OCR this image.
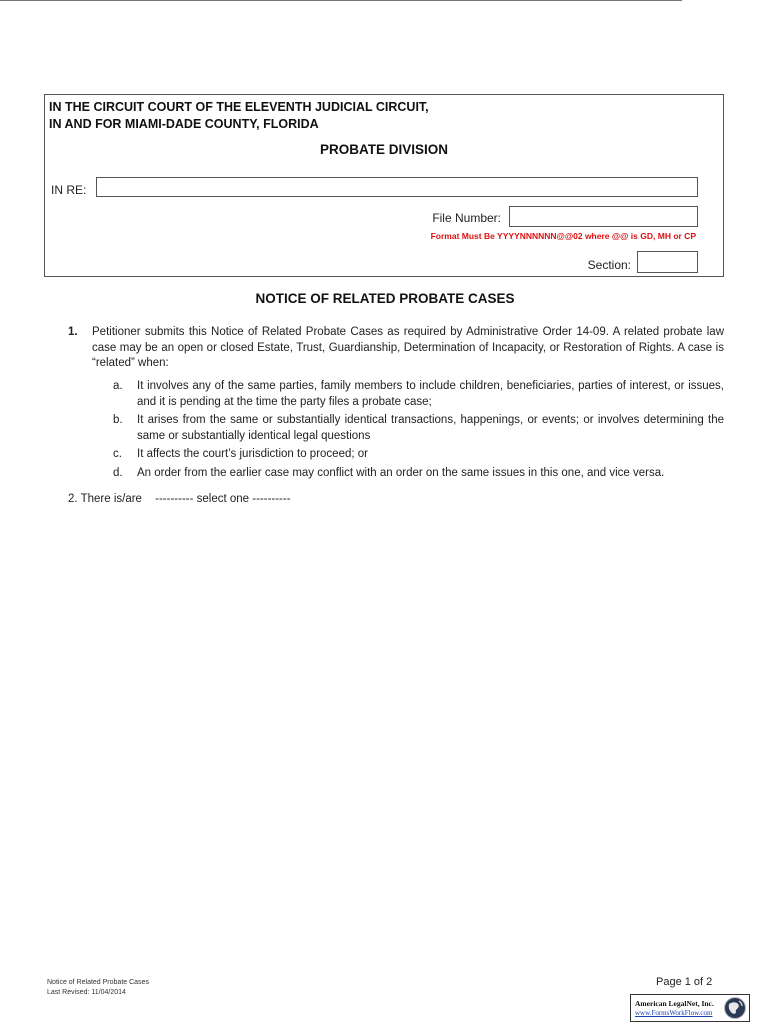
IN THE CIRCUIT COURT OF THE ELEVENTH JUDICIAL CIRCUIT,
IN AND FOR MIAMI-DADE COUNTY, FLORIDA
PROBATE DIVISION
IN RE:
File Number:
Format Must Be YYYYNNNNNN@@02 where @@ is GD, MH or CP
Section:
NOTICE OF RELATED PROBATE CASES
1. Petitioner submits this Notice of Related Probate Cases as required by Administrative Order 14-09. A related probate law case may be an open or closed Estate, Trust, Guardianship, Determination of Incapacity, or Restoration of Rights. A case is “related” when:
a. It involves any of the same parties, family members to include children, beneficiaries, parties of interest, or issues, and it is pending at the time the party files a probate case;
b. It arises from the same or substantially identical transactions, happenings, or events; or involves determining the same or substantially identical legal questions
c. It affects the court’s jurisdiction to proceed; or
d. An order from the earlier case may conflict with an order on the same issues in this one, and vice versa.
2. There is/are ---------- select one ----------
Notice of Related Probate Cases
Last Revised: 11/04/2014
Page 1 of 2
American LegalNet, Inc.
www.FormsWorkFlow.com
